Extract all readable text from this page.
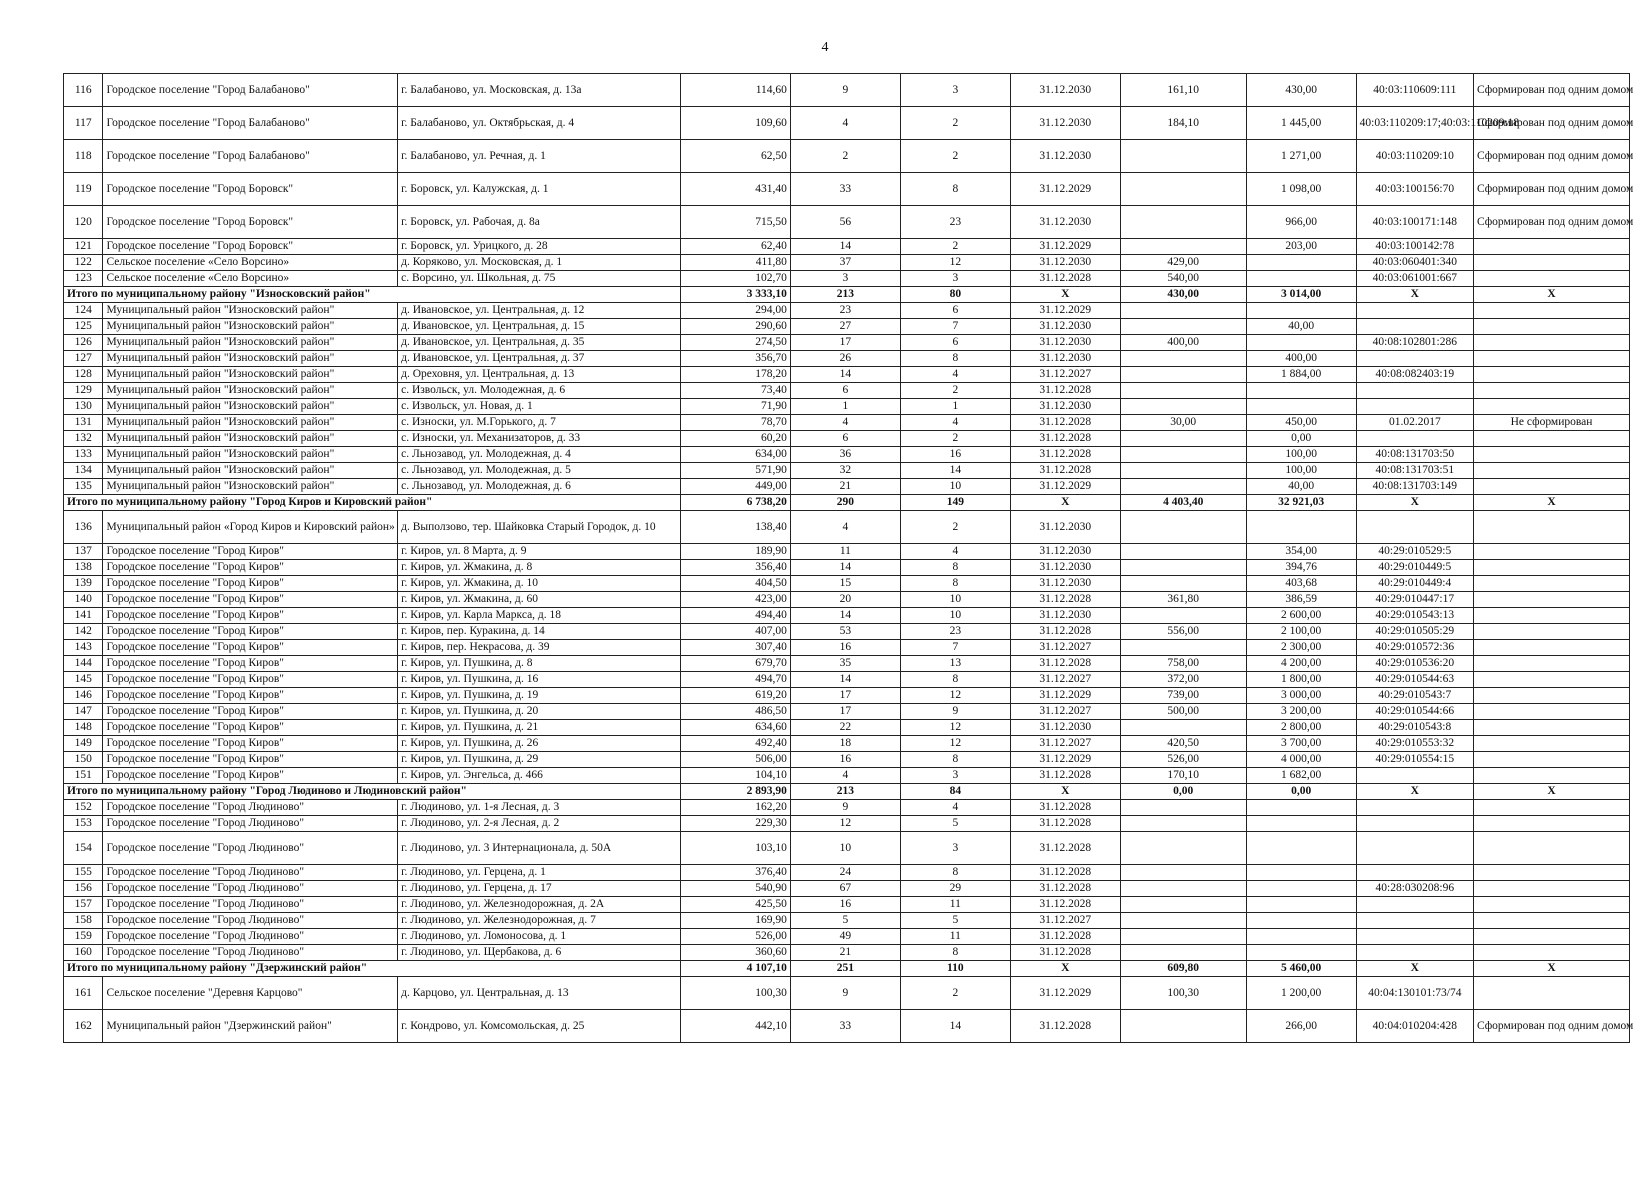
4
116	Городское поселение "Город Балабаново"	г. Балабаново, ул. Московская, д. 13а	114,60	9	3	31.12.2030	161,10	430,00	40:03:110609:111	Сформирован под одним домом
117	Городское поселение "Город Балабаново"	г. Балабаново, ул. Октябрьская, д. 4	109,60	4	2	31.12.2030	184,10	1 445,00	40:03:110209:17;40:03:110209:18	Сформирован под одним домом
118	Городское поселение "Город Балабаново"	г. Балабаново, ул. Речная, д. 1	62,50	2	2	31.12.2030		1 271,00	40:03:110209:10	Сформирован под одним домом
119	Городское поселение "Город Боровск"	г. Боровск, ул. Калужская, д. 1	431,40	33	8	31.12.2029		1 098,00	40:03:100156:70	Сформирован под одним домом
120	Городское поселение "Город Боровск"	г. Боровск, ул. Рабочая, д. 8а	715,50	56	23	31.12.2030		966,00	40:03:100171:148	Сформирован под одним домом
121	Городское поселение "Город Боровск"	г. Боровск, ул. Урицкого, д. 28	62,40	14	2	31.12.2029		203,00	40:03:100142:78	
122	Сельское поселение «Село Ворсино»	д. Коряково, ул. Московская, д. 1	411,80	37	12	31.12.2030	429,00		40:03:060401:340	
123	Сельское поселение «Село Ворсино»	с. Ворсино, ул. Школьная, д. 75	102,70	3	3	31.12.2028	540,00		40:03:061001:667	
Итого по муниципальному району "Износковский район"			3 333,10	213	80	X	430,00	3 014,00	X	X
124	Муниципальный район "Износковский район"	д. Ивановское, ул. Центральная, д. 12	294,00	23	6	31.12.2029				
125	Муниципальный район "Износковский район"	д. Ивановское, ул. Центральная, д. 15	290,60	27	7	31.12.2030		40,00		
126	Муниципальный район "Износковский район"	д. Ивановское, ул. Центральная, д. 35	274,50	17	6	31.12.2030	400,00		40:08:102801:286	
127	Муниципальный район "Износковский район"	д. Ивановское, ул. Центральная, д. 37	356,70	26	8	31.12.2030		400,00		
128	Муниципальный район "Износковский район"	д. Ореховня, ул. Центральная, д. 13	178,20	14	4	31.12.2027		1 884,00	40:08:082403:19	
129	Муниципальный район "Износковский район"	с. Извольск, ул. Молодежная, д. 6	73,40	6	2	31.12.2028				
130	Муниципальный район "Износковский район"	с. Извольск, ул. Новая, д. 1	71,90	1	1	31.12.2030				
131	Муниципальный район "Износковский район"	с. Износки, ул. М.Горького, д. 7	78,70	4	4	31.12.2028	30,00	450,00	01.02.2017	Не сформирован
132	Муниципальный район "Износковский район"	с. Износки, ул. Механизаторов, д. 33	60,20	6	2	31.12.2028		0,00		
133	Муниципальный район "Износковский район"	с. Льнозавод, ул. Молодежная, д. 4	634,00	36	16	31.12.2028		100,00	40:08:131703:50	
134	Муниципальный район "Износковский район"	с. Льнозавод, ул. Молодежная, д. 5	571,90	32	14	31.12.2028		100,00	40:08:131703:51	
135	Муниципальный район "Износковский район"	с. Льнозавод, ул. Молодежная, д. 6	449,00	21	10	31.12.2029		40,00	40:08:131703:149	
Итого по муниципальному району "Город Киров и Кировский район"			6 738,20	290	149	X	4 403,40	32 921,03	X	X
136	Муниципальный район «Город Киров и Кировский район»	д. Выползово, тер. Шайковка Старый Городок, д. 10	138,40	4	2	31.12.2030				
137	Городское поселение "Город Киров"	г. Киров, ул. 8 Марта, д. 9	189,90	11	4	31.12.2030		354,00	40:29:010529:5	
138	Городское поселение "Город Киров"	г. Киров, ул. Жмакина, д. 8	356,40	14	8	31.12.2030		394,76	40:29:010449:5	
139	Городское поселение "Город Киров"	г. Киров, ул. Жмакина, д. 10	404,50	15	8	31.12.2030		403,68	40:29:010449:4	
140	Городское поселение "Город Киров"	г. Киров, ул. Жмакина, д. 60	423,00	20	10	31.12.2028	361,80	386,59	40:29:010447:17	
141	Городское поселение "Город Киров"	г. Киров, ул. Карла Маркса, д. 18	494,40	14	10	31.12.2030		2 600,00	40:29:010543:13	
142	Городское поселение "Город Киров"	г. Киров, пер. Куракина, д. 14	407,00	53	23	31.12.2028	556,00	2 100,00	40:29:010505:29	
143	Городское поселение "Город Киров"	г. Киров, пер. Некрасова, д. 39	307,40	16	7	31.12.2027		2 300,00	40:29:010572:36	
144	Городское поселение "Город Киров"	г. Киров, ул. Пушкина, д. 8	679,70	35	13	31.12.2028	758,00	4 200,00	40:29:010536:20	
145	Городское поселение "Город Киров"	г. Киров, ул. Пушкина, д. 16	494,70	14	8	31.12.2027	372,00	1 800,00	40:29:010544:63	
146	Городское поселение "Город Киров"	г. Киров, ул. Пушкина, д. 19	619,20	17	12	31.12.2029	739,00	3 000,00	40:29:010543:7	
147	Городское поселение "Город Киров"	г. Киров, ул. Пушкина, д. 20	486,50	17	9	31.12.2027	500,00	3 200,00	40:29:010544:66	
148	Городское поселение "Город Киров"	г. Киров, ул. Пушкина, д. 21	634,60	22	12	31.12.2030		2 800,00	40:29:010543:8	
149	Городское поселение "Город Киров"	г. Киров, ул. Пушкина, д. 26	492,40	18	12	31.12.2027	420,50	3 700,00	40:29:010553:32	
150	Городское поселение "Город Киров"	г. Киров, ул. Пушкина, д. 29	506,00	16	8	31.12.2029	526,00	4 000,00	40:29:010554:15	
151	Городское поселение "Город Киров"	г. Киров, ул. Энгельса, д. 466	104,10	4	3	31.12.2028	170,10	1 682,00		
Итого по муниципальному району "Город Людиново и Людиновский район"			2 893,90	213	84	X	0,00	0,00	X	X
152	Городское поселение "Город Людиново"	г. Людиново, ул. 1-я Лесная, д. 3	162,20	9	4	31.12.2028				
153	Городское поселение "Город Людиново"	г. Людиново, ул. 2-я Лесная, д. 2	229,30	12	5	31.12.2028				
154	Городское поселение "Город Людиново"	г. Людиново, ул. 3 Интернационала, д. 50А	103,10	10	3	31.12.2028				
155	Городское поселение "Город Людиново"	г. Людиново, ул. Герцена, д. 1	376,40	24	8	31.12.2028				
156	Городское поселение "Город Людиново"	г. Людиново, ул. Герцена, д. 17	540,90	67	29	31.12.2028			40:28:030208:96	
157	Городское поселение "Город Людиново"	г. Людиново, ул. Железнодорожная, д. 2А	425,50	16	11	31.12.2028				
158	Городское поселение "Город Людиново"	г. Людиново, ул. Железнодорожная, д. 7	169,90	5	5	31.12.2027				
159	Городское поселение "Город Людиново"	г. Людиново, ул. Ломоносова, д. 1	526,00	49	11	31.12.2028				
160	Городское поселение "Город Людиново"	г. Людиново, ул. Щербакова, д. 6	360,60	21	8	31.12.2028				
Итого по муниципальному району "Дзержинский район"			4 107,10	251	110	X	609,80	5 460,00	X	X
161	Сельское поселение "Деревня Карцово"	д. Карцово, ул. Центральная, д. 13	100,30	9	2	31.12.2029	100,30	1 200,00	40:04:130101:73/74	
162	Муниципальный район "Дзержинский район"	г. Кондрово, ул. Комсомольская, д. 25	442,10	33	14	31.12.2028		266,00	40:04:010204:428	Сформирован под одним домом
